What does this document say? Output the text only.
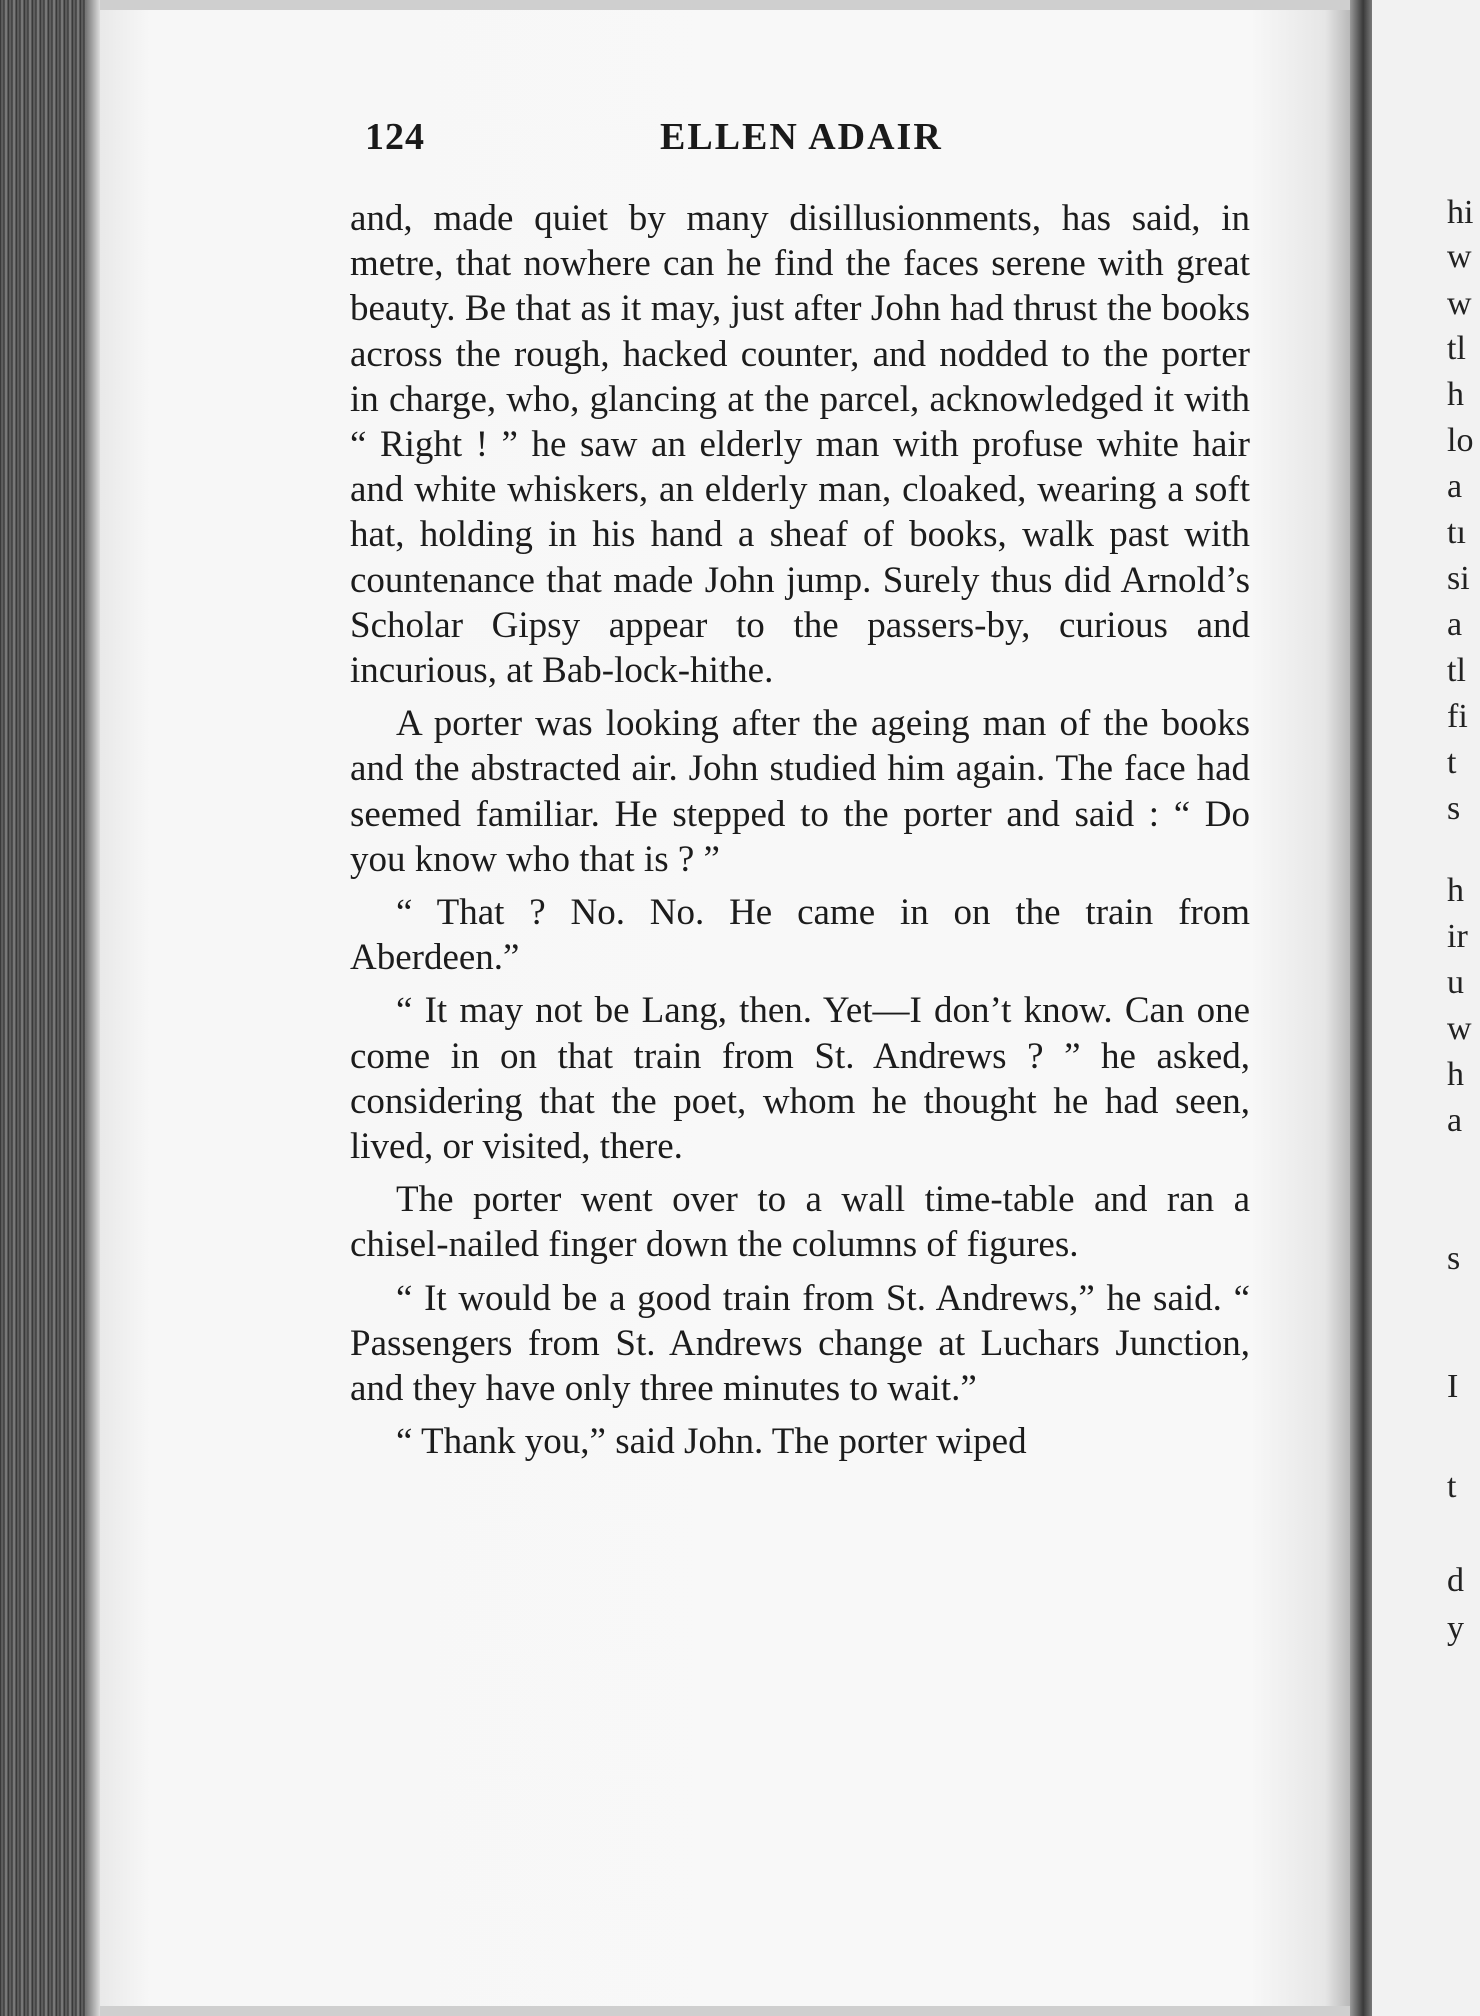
124	ELLEN ADAIR

and, made quiet by many disillusionments, has said, in metre, that nowhere can he find the faces serene with great beauty. Be that as it may, just after John had thrust the books across the rough, hacked counter, and nodded to the porter in charge, who, glancing at the parcel, acknowledged it with “ Right ! ” he saw an elderly man with profuse white hair and white whiskers, an elderly man, cloaked, wearing a soft hat, holding in his hand a sheaf of books, walk past with countenance that made John jump. Surely thus did Arnold’s Scholar Gipsy appear to the passers-by, curious and incurious, at Bab-lock-hithe.

A porter was looking after the ageing man of the books and the abstracted air. John studied him again. The face had seemed familiar. He stepped to the porter and said : “ Do you know who that is ? ”

“ That ? No. No. He came in on the train from Aberdeen.”

“ It may not be Lang, then. Yet—I don’t know. Can one come in on that train from St. Andrews ? ” he asked, considering that the poet, whom he thought he had seen, lived, or visited, there.

The porter went over to a wall time-table and ran a chisel-nailed finger down the columns of figures.

“ It would be a good train from St. Andrews,” he said. “ Passengers from St. Andrews change at Luchars Junction, and they have only three minutes to wait.”

“ Thank you,” said John. The porter wiped

hi
w
w
tl
h
lo
a
tı
si
a
tl
fi
t
s
h
ir
u
w
h
a
s
I
t
d
y
